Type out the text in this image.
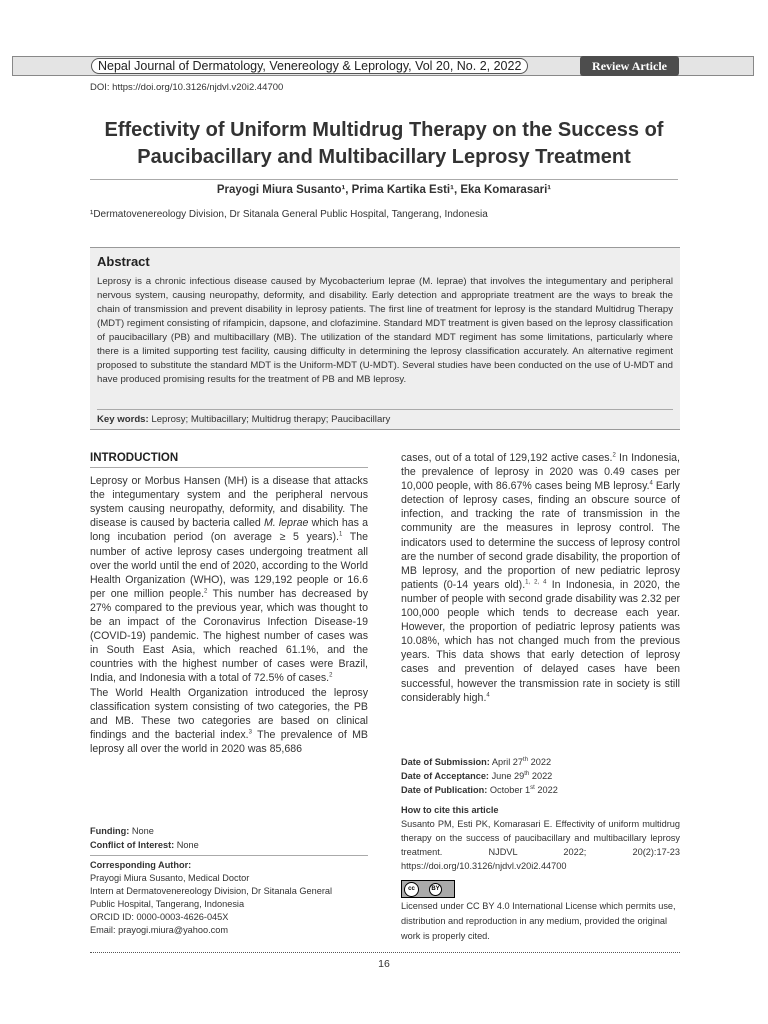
Nepal Journal of Dermatology, Venereology & Leprology, Vol 20, No. 2, 2022	Review Article
DOI: https://doi.org/10.3126/njdvl.v20i2.44700
Effectivity of Uniform Multidrug Therapy on the Success of Paucibacillary and Multibacillary Leprosy Treatment
Prayogi Miura Susanto¹, Prima Kartika Esti¹, Eka Komarasari¹
¹Dermatovenereology Division, Dr Sitanala General Public Hospital, Tangerang, Indonesia
Abstract
Leprosy is a chronic infectious disease caused by Mycobacterium leprae (M. leprae) that involves the integumentary and peripheral nervous system, causing neuropathy, deformity, and disability. Early detection and appropriate treatment are the ways to break the chain of transmission and prevent disability in leprosy patients. The first line of treatment for leprosy is the standard Multidrug Therapy (MDT) regiment consisting of rifampicin, dapsone, and clofazimine. Standard MDT treatment is given based on the leprosy classification of paucibacillary (PB) and multibacillary (MB). The utilization of the standard MDT regiment has some limitations, particularly where there is a limited supporting test facility, causing difficulty in determining the leprosy classification accurately. An alternative regiment proposed to substitute the standard MDT is the Uniform-MDT (U-MDT). Several studies have been conducted on the use of U-MDT and have produced promising results for the treatment of PB and MB leprosy.
Key words: Leprosy; Multibacillary; Multidrug therapy; Paucibacillary
INTRODUCTION

Leprosy or Morbus Hansen (MH) is a disease that attacks the integumentary system and the peripheral nervous system causing neuropathy, deformity, and disability. The disease is caused by bacteria called M. leprae which has a long incubation period (on average ≥ 5 years).$^1$ The number of active leprosy cases undergoing treatment all over the world until the end of 2020, according to the World Health Organization (WHO), was 129,192 people or 16.6 per one million people.$^2$ This number has decreased by 27% compared to the previous year, which was thought to be an impact of the Coronavirus Infection Disease-19 (COVID-19) pandemic. The highest number of cases was in South East Asia, which reached 61.1%, and the countries with the highest number of cases were Brazil, India, and Indonesia with a total of 72.5% of cases.$^2$

The World Health Organization introduced the leprosy classification system consisting of two categories, the PB and MB. These two categories are based on clinical findings and the bacterial index.$^3$ The prevalence of MB leprosy all over the world in 2020 was 85,686

cases, out of a total of 129,192 active cases.$^2$ In Indonesia, the prevalence of leprosy in 2020 was 0.49 cases per 10,000 people, with 86.67% cases being MB leprosy.$^4$ Early detection of leprosy cases, finding an obscure source of infection, and tracking the rate of transmission in the community are the measures in leprosy control. The indicators used to determine the success of leprosy control are the number of second grade disability, the proportion of MB leprosy, and the proportion of new pediatric leprosy patients (0-14 years old).$^{1, 2, 4}$ In Indonesia, in 2020, the number of people with second grade disability was 2.32 per 100,000 people which tends to decrease each year. However, the proportion of pediatric leprosy patients was 10.08%, which has not changed much from the previous years. This data shows that early detection of leprosy cases and prevention of delayed cases have been successful, however the transmission rate in society is still considerably high.$^4$

Date of Submission: April 27th 2022
Date of Acceptance: June 29th 2022
Date of Publication: October 1st 2022
How to cite this article
Susanto PM, Esti PK, Komarasari E. Effectivity of uniform multidrug therapy on the success of paucibacillary and multibacillary leprosy treatment. NJDVL 2022; 20(2):17-23 https://doi.org/10.3126/njdvl.v20i2.44700
cc	BY
Licensed under CC BY 4.0 International License which permits use, distribution and reproduction in any medium, provided the original work is properly cited.
Funding: None
Conflict of Interest: None
Corresponding Author:
Prayogi Miura Susanto, Medical Doctor
Intern at Dermatovenereology Division, Dr Sitanala General
Public Hospital, Tangerang, Indonesia
ORCID ID: 0000-0003-4626-045X
Email: prayogi.miura@yahoo.com
16
